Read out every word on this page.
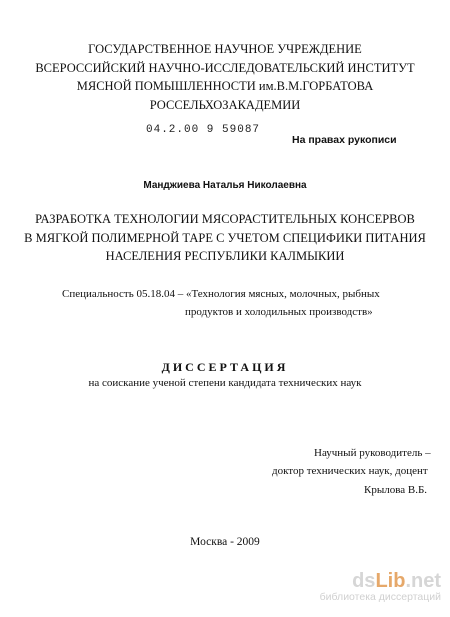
ГОСУДАРСТВЕННОЕ НАУЧНОЕ УЧРЕЖДЕНИЕ
ВСЕРОССИЙСКИЙ НАУЧНО-ИССЛЕДОВАТЕЛЬСКИЙ ИНСТИТУТ
МЯСНОЙ ПОМЫШЛЕННОСТИ им.В.М.ГОРБАТОВА
РОССЕЛЬХОЗАКАДЕМИИ
04.2.00 9 59087
На правах рукописи
Манджиева Наталья Николаевна
РАЗРАБОТКА ТЕХНОЛОГИИ МЯСОРАСТИТЕЛЬНЫХ КОНСЕРВОВ
В МЯГКОЙ ПОЛИМЕРНОЙ ТАРЕ С УЧЕТОМ СПЕЦИФИКИ ПИТАНИЯ
НАСЕЛЕНИЯ РЕСПУБЛИКИ КАЛМЫКИИ
Специальность 05.18.04 – «Технология мясных, молочных, рыбных
продуктов и холодильных производств»
ДИССЕРТАЦИЯ
на соискание ученой степени кандидата технических наук
Научный руководитель –
доктор технических наук, доцент
Крылова В.Б.
Москва - 2009
dsLib.net
библиотека диссертаций
